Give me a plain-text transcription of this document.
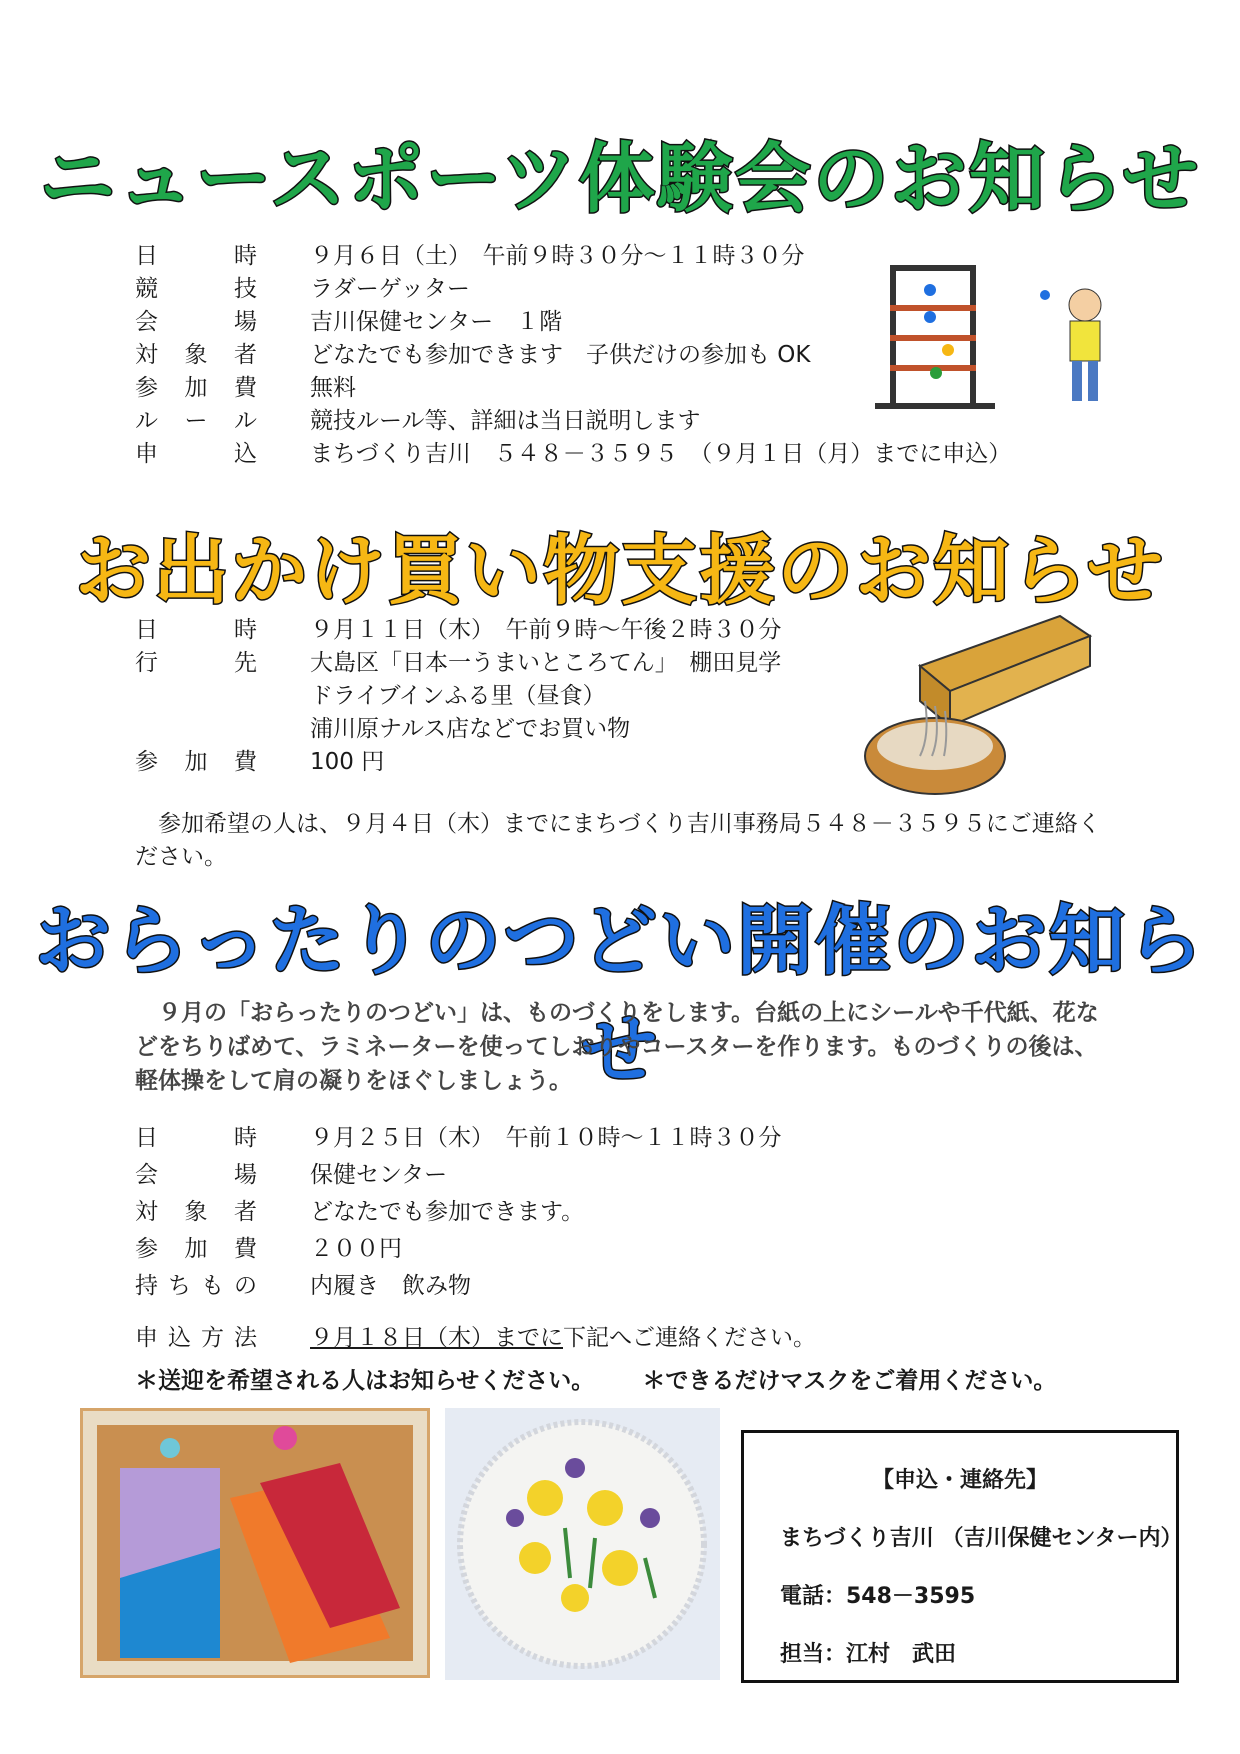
ニュースポーツ体験会のお知らせ
日	時 ９月６日（土）　午前９時３０分～１１時３０分
競	技 ラダーゲッター
会	場 吉川保健センター　１階
対 象 者 どなたでも参加できます　子供だけの参加も OK
参 加 費 無料
ル ー ル 競技ルール等、詳細は当日説明します
申	込 まちづくり吉川　５４８－３５９５　（９月１日（月）までに申込）
お出かけ買い物支援のお知らせ
日	時 ９月１１日（木）　午前９時～午後２時３０分
行	先 大島区「日本一うまいところてん」　棚田見学
ドライブインふる里（昼食）
浦川原ナルス店などでお買い物
参 加 費 100 円
　参加希望の人は、９月４日（木）までにまちづくり吉川事務局５４８－３５９５にご連絡ください。
おらったりのつどい開催のお知らせ
　９月の「おらったりのつどい」は、ものづくりをします。台紙の上にシールや千代紙、花などをちりばめて、ラミネーターを使ってしおりやコースターを作ります。ものづくりの後は、軽体操をして肩の凝りをほぐしましょう。
日	時 ９月２５日（木）　午前１０時～１１時３０分
会	場 保健センター
対 象 者 どなたでも参加できます。
参 加 費 ２００円
持 ち も の 内履き　飲み物
申 込 方 法 ９月１８日（木）までに下記へご連絡ください。
＊送迎を希望される人はお知らせください。 ＊できるだけマスクをご着用ください。
【申込・連絡先】
まちづくり吉川 （吉川保健センター内）
電話：548－3595
担当：江村　武田
